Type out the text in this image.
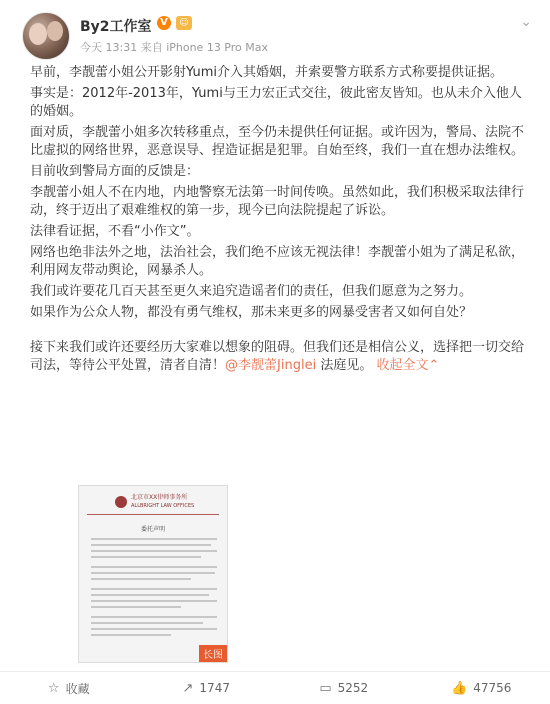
By2工作室 V	☺
今天 13:31 来自 iPhone 13 Pro Max
⌄

早前，李靓蕾小姐公开影射Yumi介入其婚姻，并索要警方联系方式称要提供证据。

事实是：2012年-2013年，Yumi与王力宏正式交往，彼此密友皆知。也从未介入他人的婚姻。

面对质，李靓蕾小姐多次转移重点，至今仍未提供任何证据。或许因为，警局、法院不比虚拟的网络世界，恶意误导、捏造证据是犯罪。自始至终，我们一直在想办法维权。

目前收到警局方面的反馈是：

李靓蕾小姐人不在内地，内地警察无法第一时间传唤。虽然如此，我们积极采取法律行动，终于迈出了艰难维权的第一步，现今已向法院提起了诉讼。

法律看证据，不看“小作文”。

网络也绝非法外之地，法治社会，我们绝不应该无视法律！李靓蕾小姐为了满足私欲，利用网友带动舆论，网暴杀人。

我们或许要花几百天甚至更久来追究造谣者们的责任，但我们愿意为之努力。

如果作为公众人物，都没有勇气维权，那未来更多的网暴受害者又如何自处？

接下来我们或许还要经历大家难以想象的阻碍。但我们还是相信公义，选择把一切交给司法，等待公平处置，清者自清！@李靓蕾Jinglei 法庭见。 收起全文⌃

北京市XX律师事务所
ALLBRIGHT LAW OFFICES
委托声明
长图
☆ 收藏	↗ 1747	▭ 5252	👍 47756
